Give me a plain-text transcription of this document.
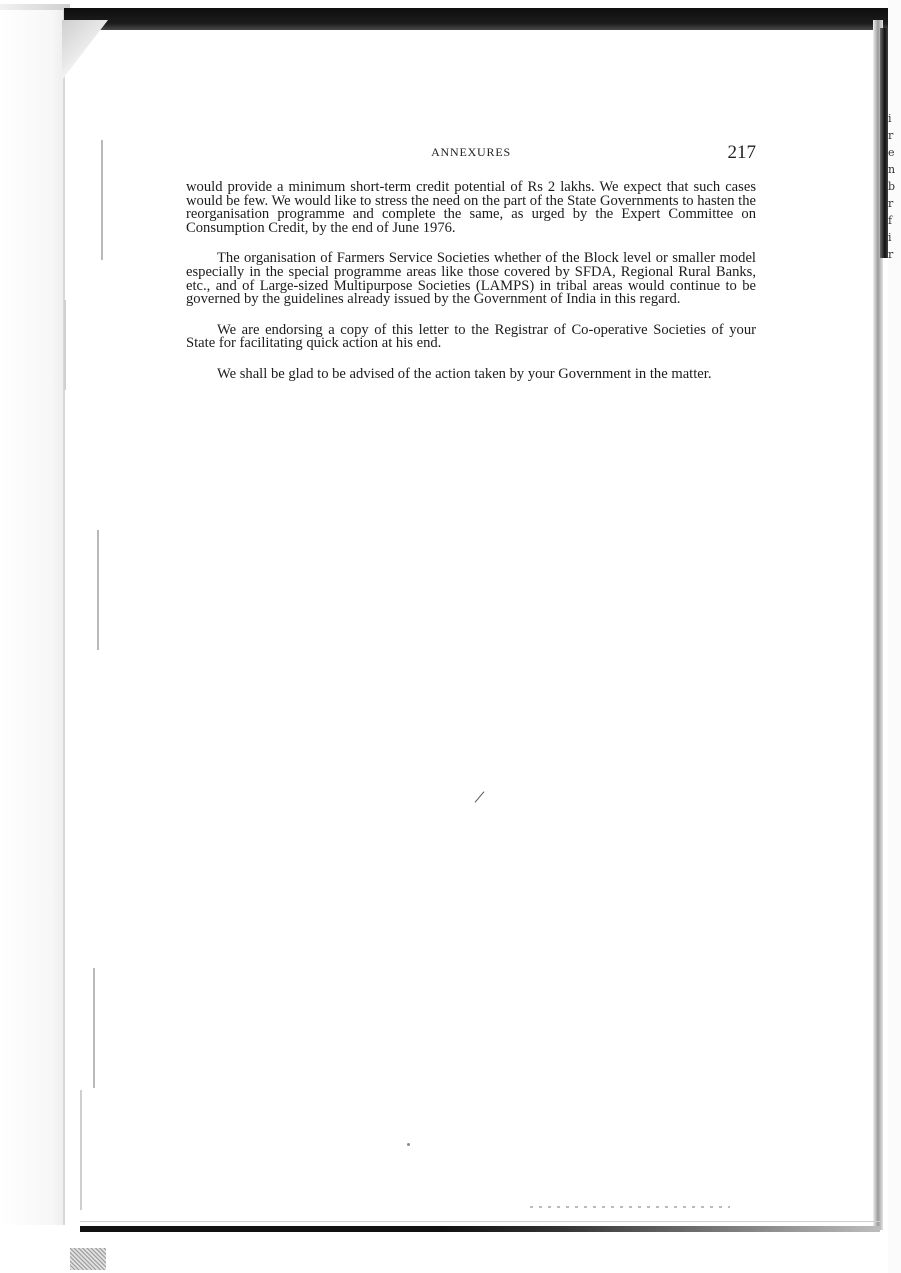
i
r
e
n
b
r
f
i
r
ANNEXURES	217

would provide a minimum short-term credit potential of Rs 2 lakhs. We expect that such cases would be few. We would like to stress the need on the part of the State Governments to hasten the reorganisation programme and complete the same, as urged by the Expert Committee on Consumption Credit, by the end of June 1976.

The organisation of Farmers Service Societies whether of the Block level or smaller model especially in the special programme areas like those covered by SFDA, Regional Rural Banks, etc., and of Large-sized Multipurpose Societies (LAMPS) in tribal areas would continue to be governed by the guidelines already issued by the Government of India in this regard.

We are endorsing a copy of this letter to the Registrar of Co-operative Societies of your State for facilitating quick action at his end.

We shall be glad to be advised of the action taken by your Government in the matter.
